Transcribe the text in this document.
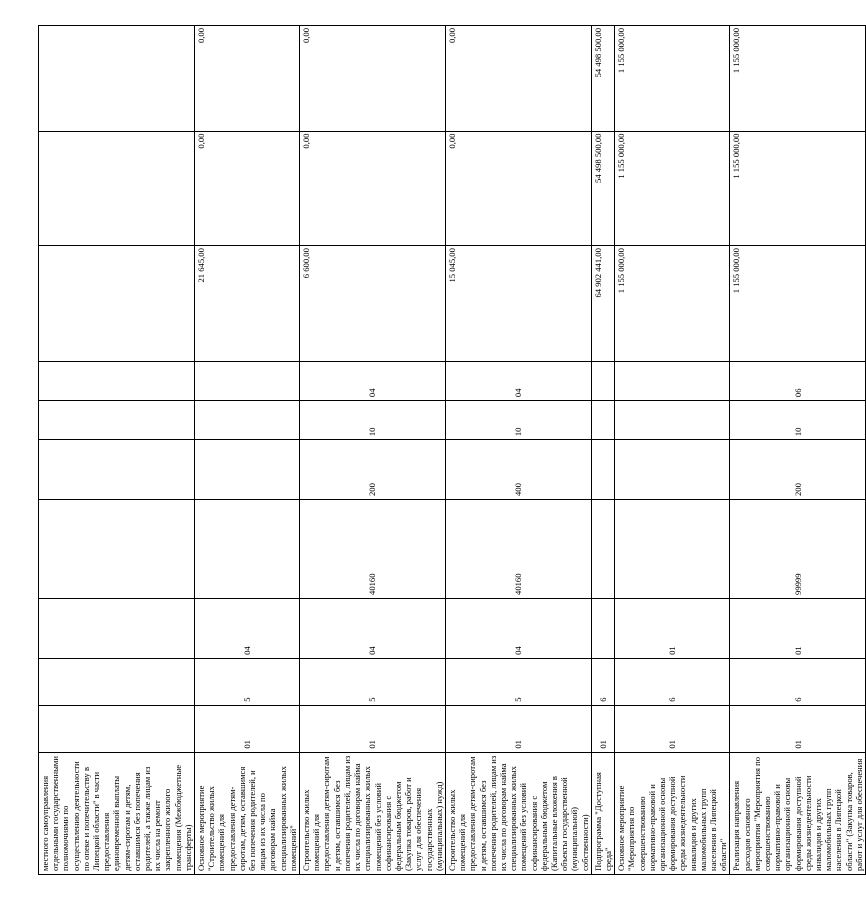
местного самоуправления отдельными государственными полномочиями по осуществлению деятельности по опеке и попечительству в Липецкой области" в части предоставления единовременной выплаты детям-сиротам и детям, оставшимся без попечения родителей, а также лицам из их числа на ремонт закрепленного жилого помещения (Межбюджетные трансферты)										
Основное мероприятие "Строительство жилых помещений для предоставления детям-сиротам, детям, оставшимся без попечения родителей, и лицам из их числа по договорам найма специализированных жилых помещений"	01	5	04					21 645,00	0,00	0,00
Строительство жилых помещений для предоставления детям-сиротам и детям, оставшимся без попечения родителей, лицам из их числа по договорам найма специализированных жилых помещений без условий софинансирования с федеральным бюджетом (Закупка товаров, работ и услуг для обеспечения государственных (муниципальных) нужд)	01	5	04	40160	200	10	04	6 600,00	0,00	0,00
Строительство жилых помещений для предоставления детям-сиротам и детям, оставшимся без попечения родителей, лицам из их числа по договорам найма специализированных жилых помещений без условий софинансирования с федеральным бюджетом (Капитальные вложения в объекты государственной (муниципальной) собственности)	01	5	04	40160	400	10	04	15 045,00	0,00	0,00
Подпрограмма "Доступная среда"	01	6						64 902 441,00	54 498 500,00	54 498 500,00
Основное мероприятие "Мероприятия по совершенствованию нормативно-правовой и организационной основы формирования доступной среды жизнедеятельности инвалидов и других маломобильных групп населения в Липецкой области"	01	6	01					1 155 000,00	1 155 000,00	1 155 000,00
Реализация направления расходов основного мероприятия "Мероприятия по совершенствованию нормативно-правовой и организационной основы формирования доступной среды жизнедеятельности инвалидов и других маломобильных групп населения в Липецкой области" (Закупка товаров, работ и услуг для обеспечения	01	6	01	99999	200	10	06	1 155 000,00	1 155 000,00	1 155 000,00
